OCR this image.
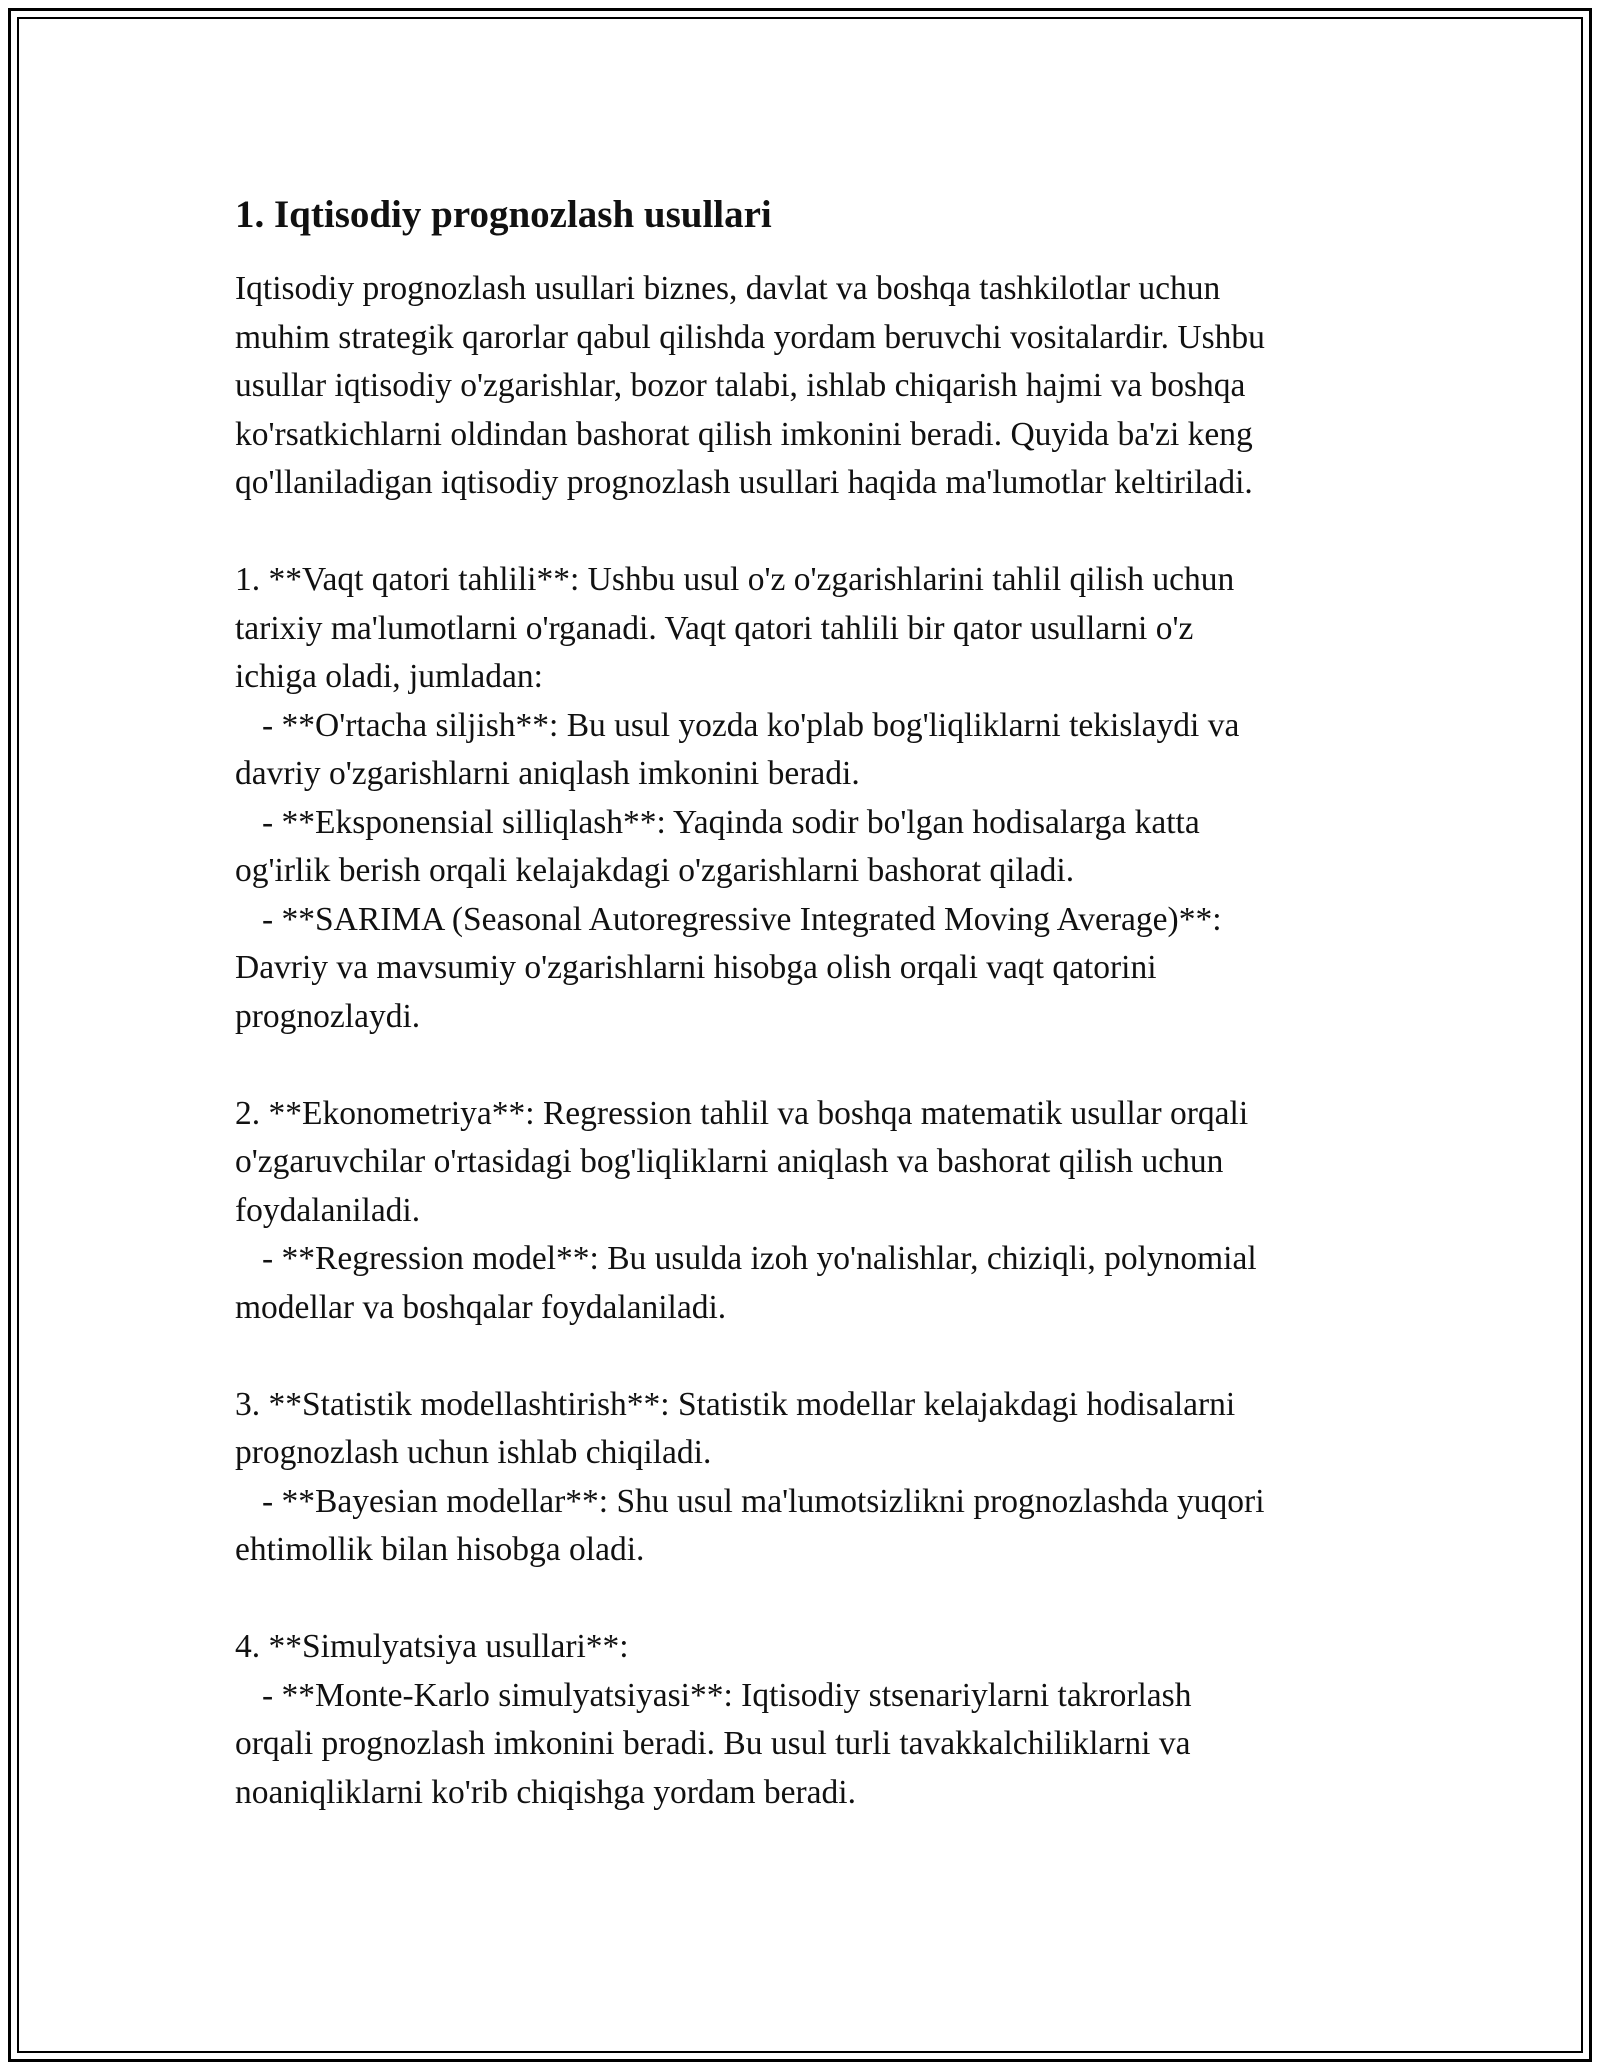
1. Iqtisodiy prognozlash usullari

Iqtisodiy prognozlash usullari biznes, davlat va boshqa tashkilotlar uchun

muhim strategik qarorlar qabul qilishda yordam beruvchi vositalardir. Ushbu

usullar iqtisodiy o'zgarishlar, bozor talabi, ishlab chiqarish hajmi va boshqa

ko'rsatkichlarni oldindan bashorat qilish imkonini beradi. Quyida ba'zi keng

qo'llaniladigan iqtisodiy prognozlash usullari haqida ma'lumotlar keltiriladi.

1. **Vaqt qatori tahlili**: Ushbu usul o'z o'zgarishlarini tahlil qilish uchun

tarixiy ma'lumotlarni o'rganadi. Vaqt qatori tahlili bir qator usullarni o'z

ichiga oladi, jumladan:

- **O'rtacha siljish**: Bu usul yozda ko'plab bog'liqliklarni tekislaydi va

davriy o'zgarishlarni aniqlash imkonini beradi.

- **Eksponensial silliqlash**: Yaqinda sodir bo'lgan hodisalarga katta

og'irlik berish orqali kelajakdagi o'zgarishlarni bashorat qiladi.

- **SARIMA (Seasonal Autoregressive Integrated Moving Average)**:

Davriy va mavsumiy o'zgarishlarni hisobga olish orqali vaqt qatorini

prognozlaydi.

2. **Ekonometriya**: Regression tahlil va boshqa matematik usullar orqali

o'zgaruvchilar o'rtasidagi bog'liqliklarni aniqlash va bashorat qilish uchun

foydalaniladi.

- **Regression model**: Bu usulda izoh yo'nalishlar, chiziqli, polynomial

modellar va boshqalar foydalaniladi.

3. **Statistik modellashtirish**: Statistik modellar kelajakdagi hodisalarni

prognozlash uchun ishlab chiqiladi.

- **Bayesian modellar**: Shu usul ma'lumotsizlikni prognozlashda yuqori

ehtimollik bilan hisobga oladi.

4. **Simulyatsiya usullari**:

- **Monte-Karlo simulyatsiyasi**: Iqtisodiy stsenariylarni takrorlash

orqali prognozlash imkonini beradi. Bu usul turli tavakkalchiliklarni va

noaniqliklarni ko'rib chiqishga yordam beradi.
